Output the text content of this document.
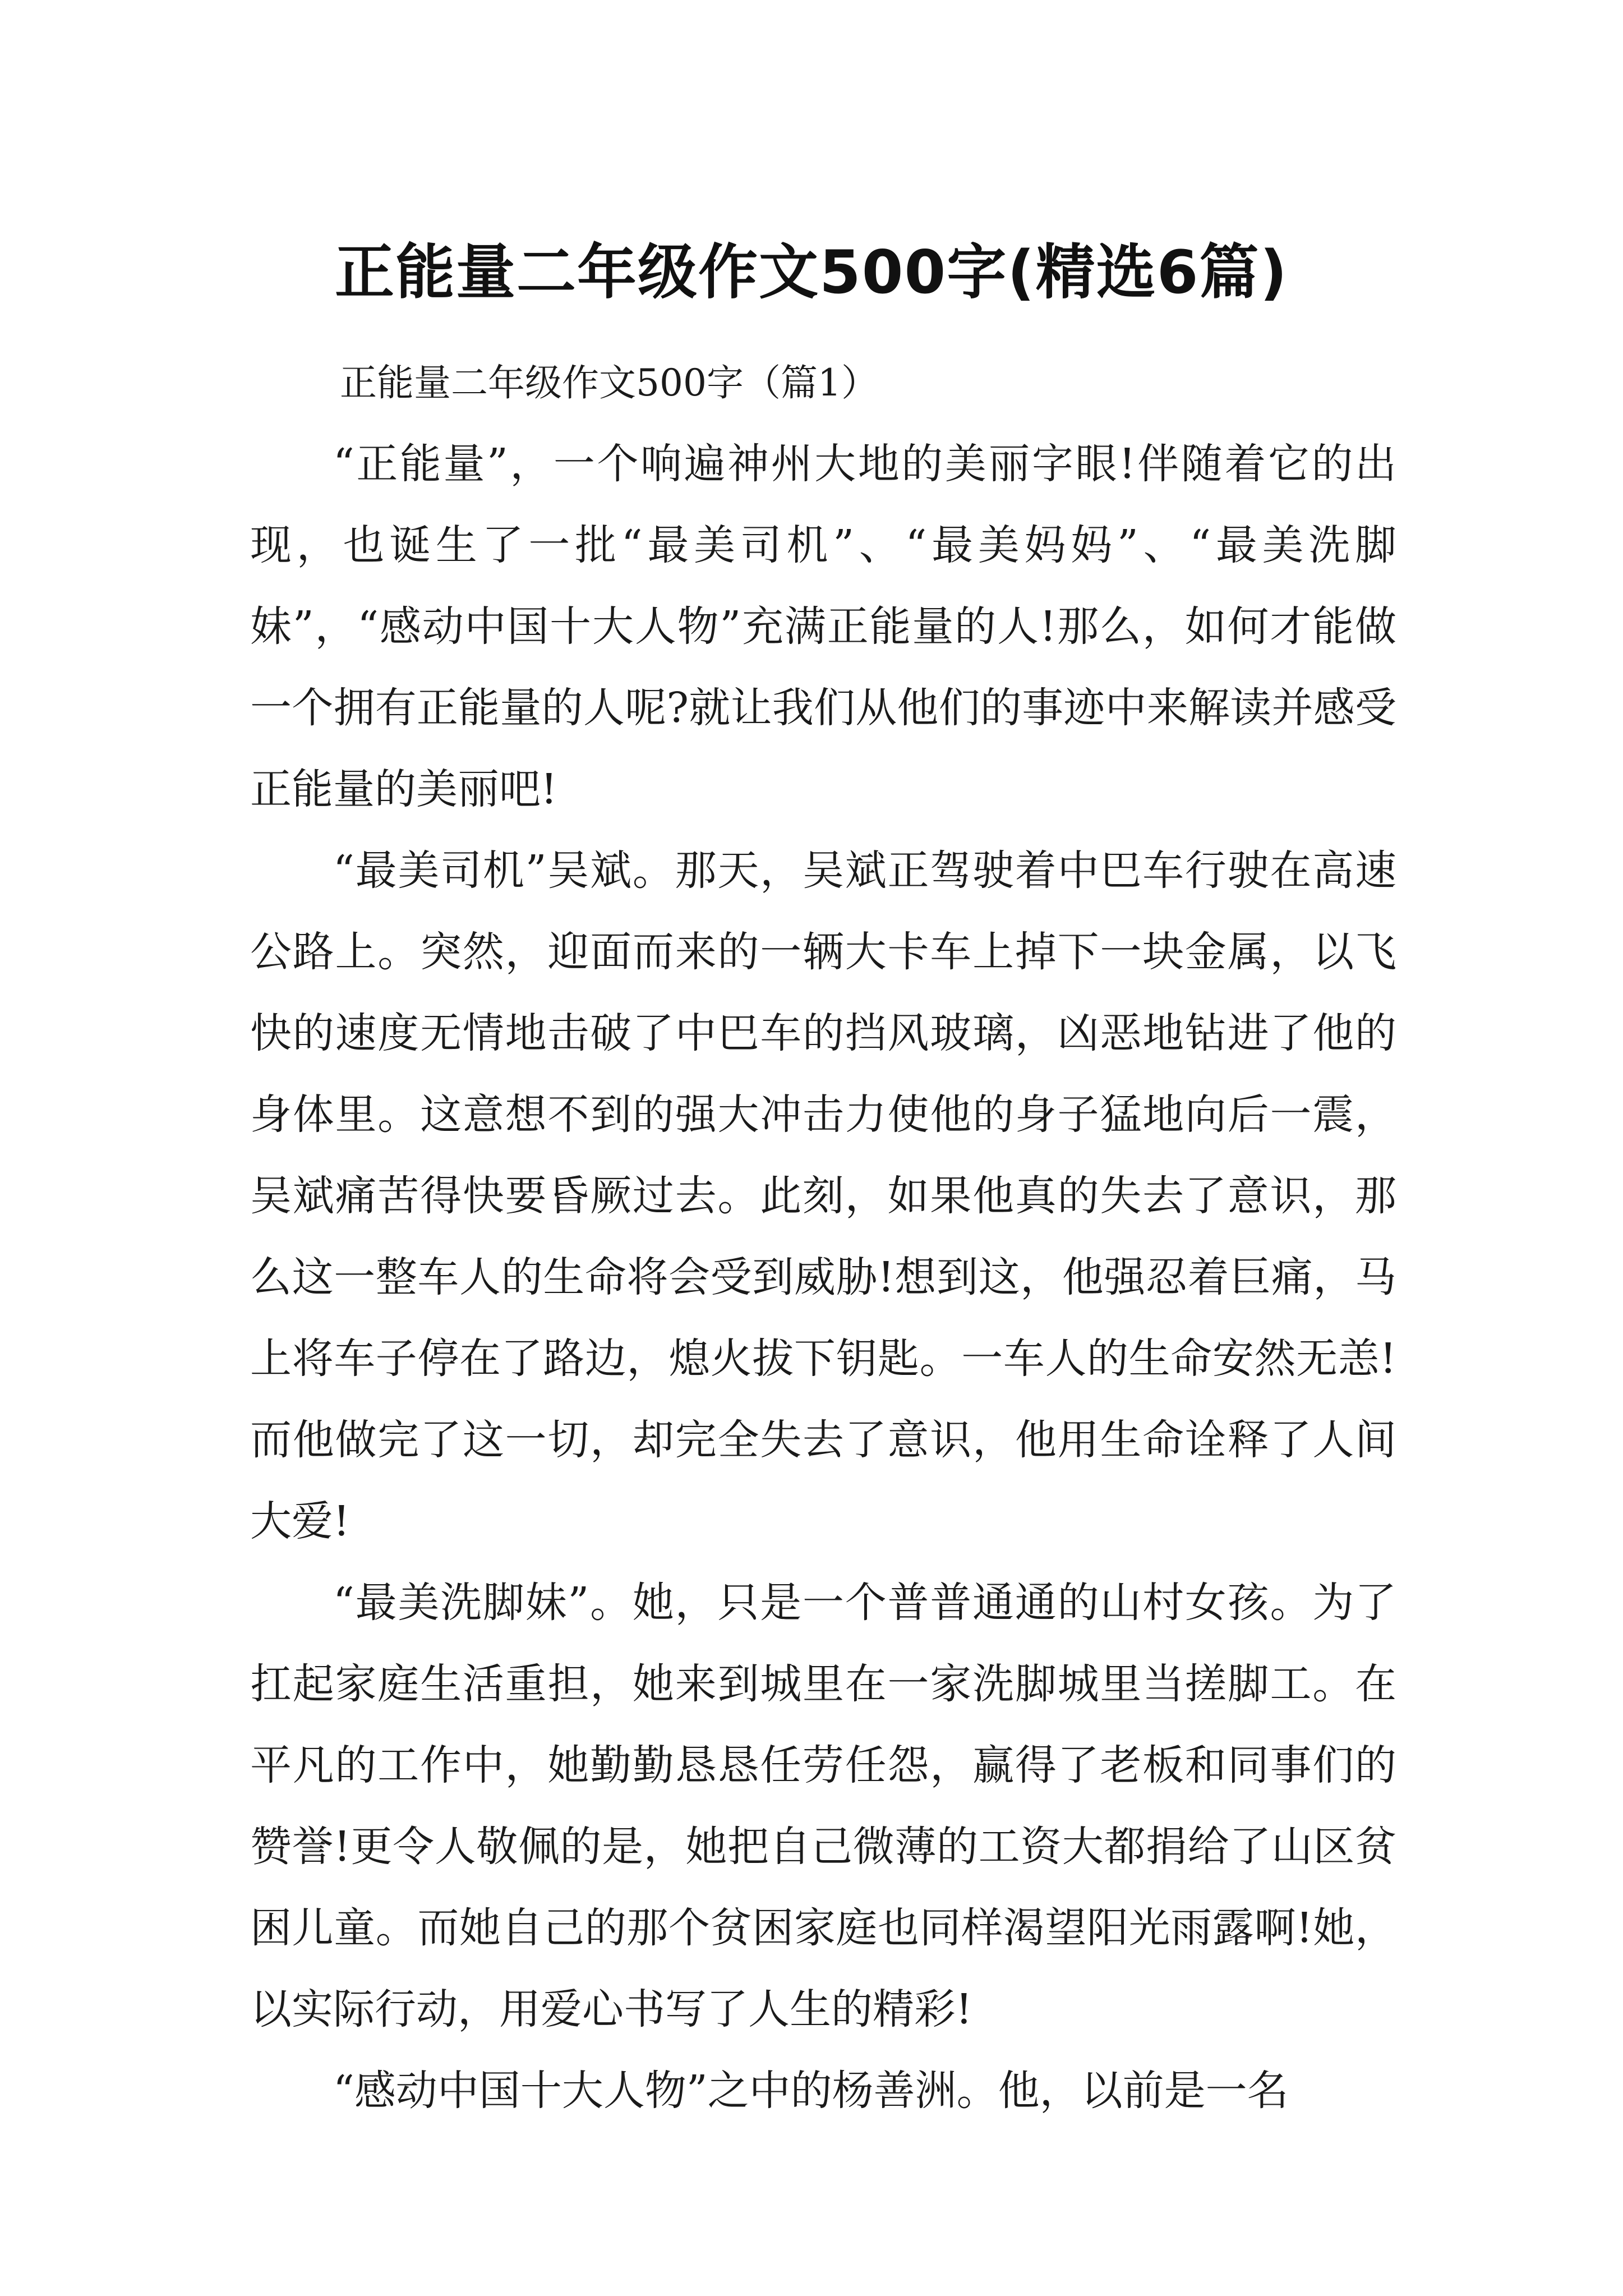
正能量二年级作文500字(精选6篇)

正能量二年级作文500字（篇1）

“正能量”，一个响遍神州大地的美丽字眼!伴随着它的出现，也诞生了一批“最美司机”、“最美妈妈”、“最美洗脚妹”，“感动中国十大人物”充满正能量的人!那么，如何才能做一个拥有正能量的人呢?就让我们从他们的事迹中来解读并感受正能量的美丽吧!

“最美司机”吴斌。那天，吴斌正驾驶着中巴车行驶在高速公路上。突然，迎面而来的一辆大卡车上掉下一块金属，以飞快的速度无情地击破了中巴车的挡风玻璃，凶恶地钻进了他的身体里。这意想不到的强大冲击力使他的身子猛地向后一震，吴斌痛苦得快要昏厥过去。此刻，如果他真的失去了意识，那么这一整车人的生命将会受到威胁!想到这，他强忍着巨痛，马上将车子停在了路边，熄火拔下钥匙。一车人的生命安然无恙!而他做完了这一切，却完全失去了意识，他用生命诠释了人间大爱!

“最美洗脚妹”。她，只是一个普普通通的山村女孩。为了扛起家庭生活重担，她来到城里在一家洗脚城里当搓脚工。在平凡的工作中，她勤勤恳恳任劳任怨，赢得了老板和同事们的赞誉!更令人敬佩的是，她把自己微薄的工资大都捐给了山区贫困儿童。而她自己的那个贫困家庭也同样渴望阳光雨露啊!她，以实际行动，用爱心书写了人生的精彩!

“感动中国十大人物”之中的杨善洲。他，以前是一名
